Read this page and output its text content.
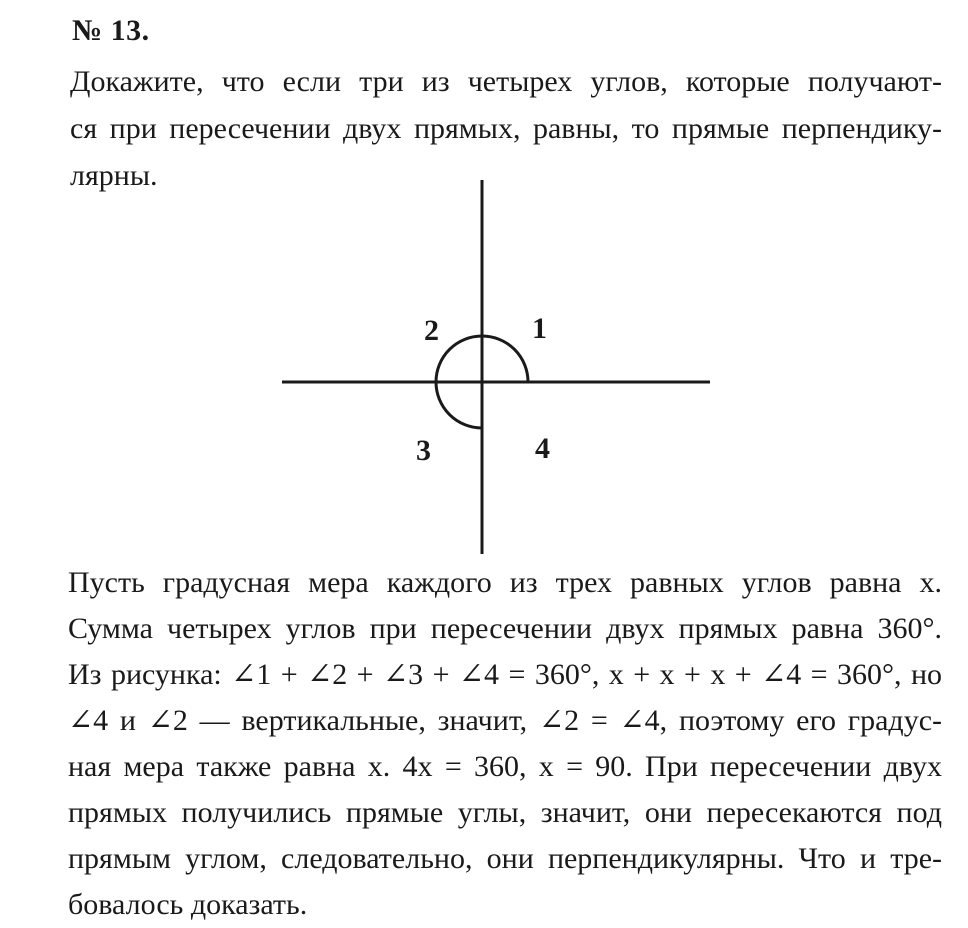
№ 13.
Докажите, что если три из четырех углов, которые получают-
ся при пересечении двух прямых, равны, то прямые перпендику-
лярны.
1
2
3	4
Пусть градусная мера каждого из трех равных углов равна x.
Сумма четырех углов при пересечении двух прямых равна 360°.
Из рисунка: ∠1 + ∠2 + ∠3 + ∠4 = 360°, x + x + x + ∠4 = 360°, но
∠4 и ∠2 — вертикальные, значит, ∠2 = ∠4, поэтому его градус-
ная мера также равна x. 4x = 360, x = 90. При пересечении двух
прямых получились прямые углы, значит, они пересекаются под
прямым углом, следовательно, они перпендикулярны. Что и тре-
бовалось доказать.
